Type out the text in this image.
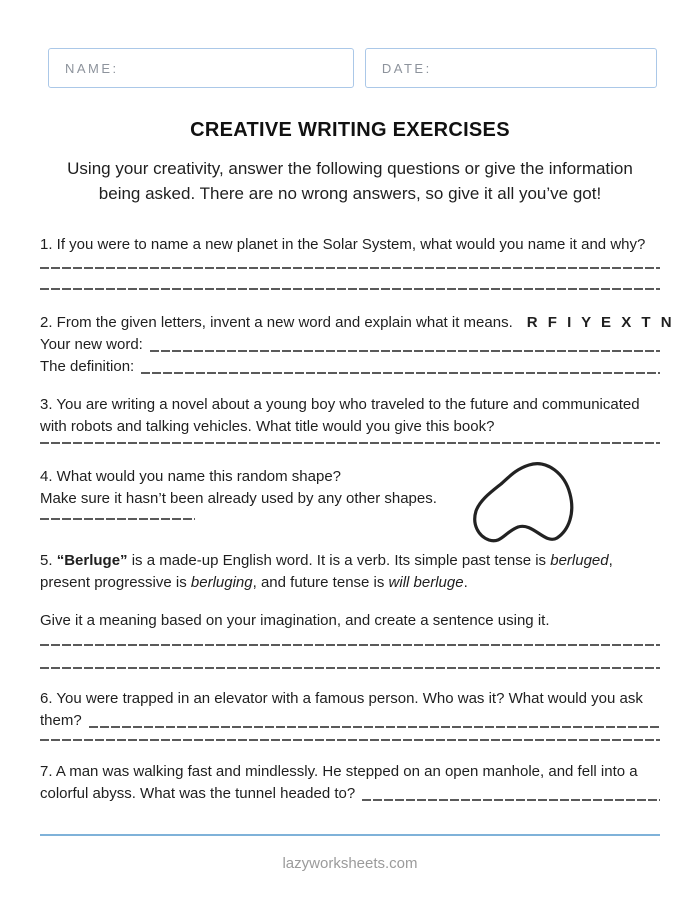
NAME:	DATE:
CREATIVE WRITING EXERCISES
Using your creativity, answer the following questions or give the information
being asked. There are no wrong answers, so give it all you’ve got!
1. If you were to name a new planet in the Solar System, what would you name it and why?
2. From the given letters, invent a new word and explain what it means. R F I Y E X T N
Your new word:
The definition:
3. You are writing a novel about a young boy who traveled to the future and communicated
with robots and talking vehicles. What title would you give this book?
4. What would you name this random shape?
Make sure it hasn’t been already used by any other shapes.
5. “Berluge” is a made-up English word. It is a verb. Its simple past tense is berluged,
present progressive is berluging, and future tense is will berluge.
Give it a meaning based on your imagination, and create a sentence using it.
6. You were trapped in an elevator with a famous person. Who was it? What would you ask
them?
7. A man was walking fast and mindlessly. He stepped on an open manhole, and fell into a
colorful abyss. What was the tunnel headed to?
lazyworksheets.com
